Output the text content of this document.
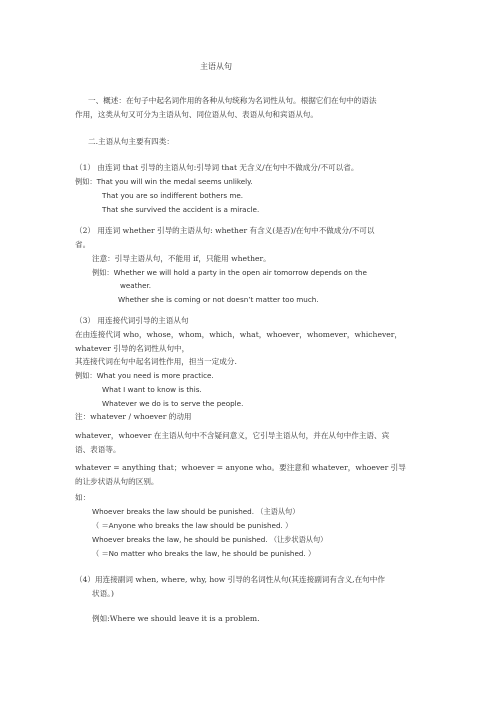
主语从句
一、概述：在句子中起名词作用的各种从句统称为名词性从句。根据它们在句中的语法
作用，这类从句又可分为主语从句、同位语从句、表语从句和宾语从句。
二.主语从句主要有四类：
（1） 由连词 that 引导的主语从句:引导词 that 无含义/在句中不做成分/不可以省。
例如：That you will win the medal seems unlikely.
That you are so indifferent bothers me.
That she survived the accident is a miracle.
（2） 用连词 whether 引导的主语从句: whether 有含义(是否)/在句中不做成分/不可以
省。
注意：引导主语从句，不能用 if，只能用 whether。
例如：Whether we will hold a party in the open air tomorrow depends on the
weather.
Whether she is coming or not doesn’t matter too much.
（3） 用连接代词引导的主语从句
在由连接代词 who，whose，whom，which，what，whoever，whomever，whichever，
whatever 引导的名词性从句中，
其连接代词在句中起名词性作用，担当一定成分.
例如：What you need is more practice.
What I want to know is this.
Whatever we do is to serve the people.
注：whatever / whoever 的动用
whatever，whoever 在主语从句中不含疑问意义，它引导主语从句，并在从句中作主语、宾
语、表语等。
whatever = anything that；whoever = anyone who。要注意和 whatever，whoever 引导
的让步状语从句的区别。
如：
Whoever breaks the law should be punished. （主语从句）
（ ＝Anyone who breaks the law should be punished. ）
Whoever breaks the law, he should be punished. （让步状语从句）
（ ＝No matter who breaks the law, he should be punished. ）
（4）用连接副词 when, where, why, how 引导的名词性从句(其连接副词有含义,在句中作
状语。)
例如:Where we should leave it is a problem.
